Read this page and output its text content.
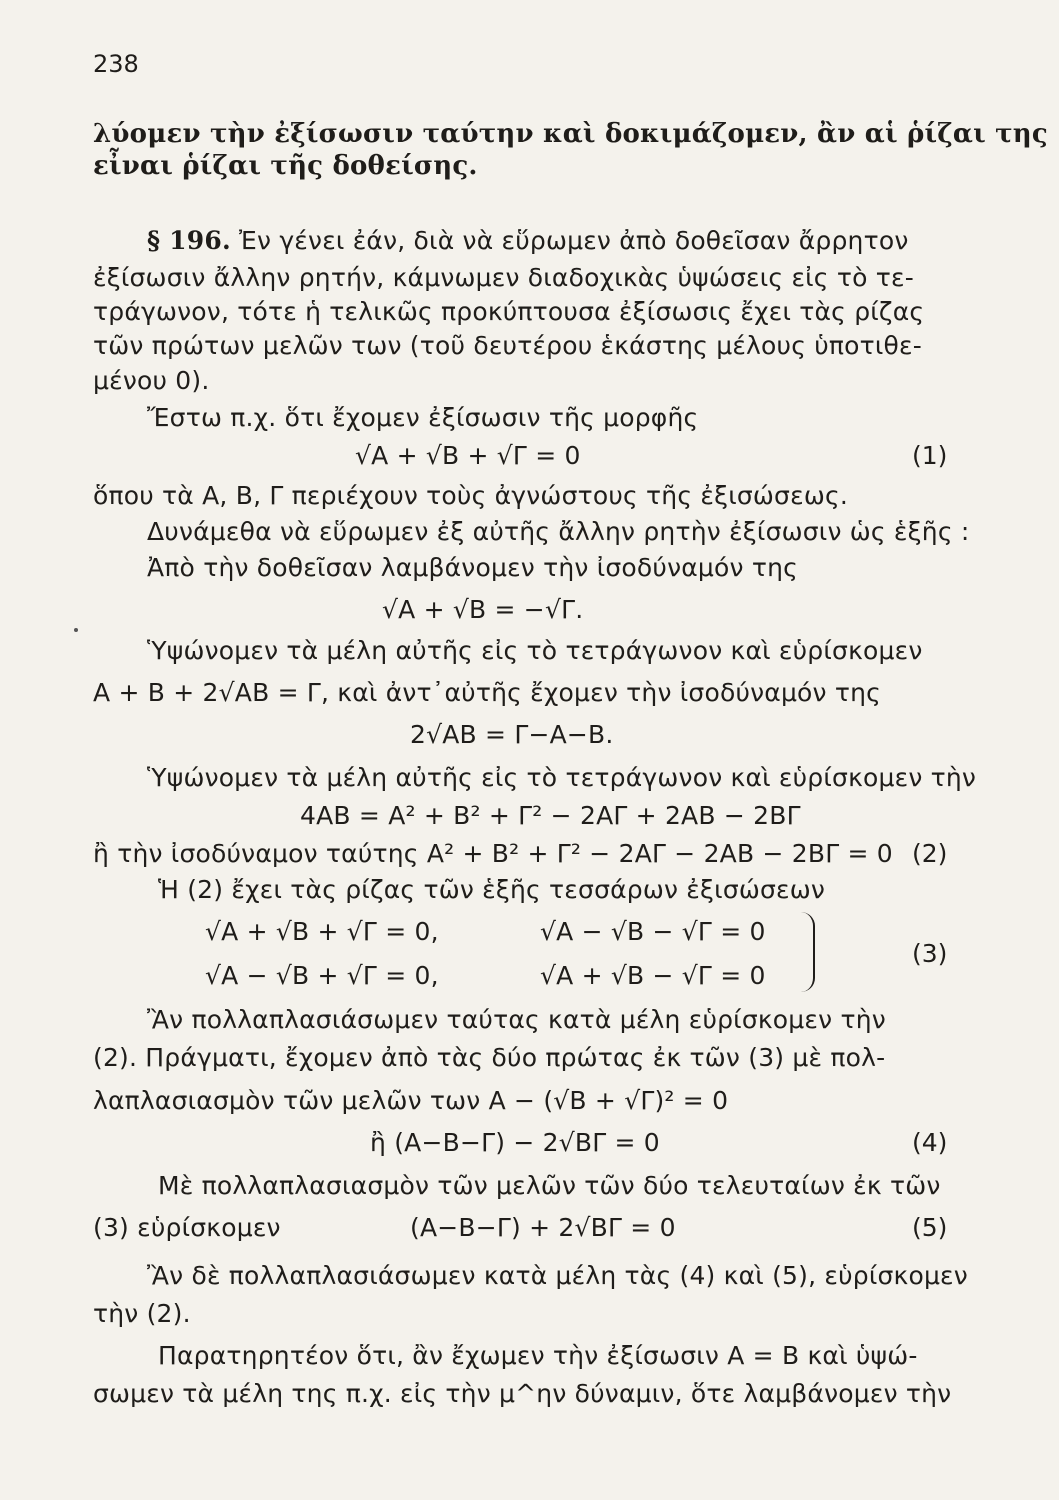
238
λύομεν τὴν ἐξίσωσιν ταύτην καὶ δοκιμάζομεν, ἂν αἱ ῥίζαι της
εἶναι ῥίζαι τῆς δοθείσης.
§ 196. Ἐν γένει ἐάν, διὰ νὰ εὕρωμεν ἀπὸ δοθεῖσαν ἄρρητον
ἐξίσωσιν ἄλλην ρητήν, κάμνωμεν διαδοχικὰς ὑψώσεις εἰς τὸ τε-
τράγωνον, τότε ἡ τελικῶς προκύπτουσα ἐξίσωσις ἔχει τὰς ρίζας
τῶν πρώτων μελῶν των (τοῦ δευτέρου ἑκάστης μέλους ὑποτιθε-
μένου 0).
Ἔστω π.χ. ὅτι ἔχομεν ἐξίσωσιν τῆς μορφῆς
√Α + √Β + √Γ = 0	(1)
ὅπου τὰ Α, Β, Γ περιέχουν τοὺς ἀγνώστους τῆς ἐξισώσεως.
Δυνάμεθα νὰ εὕρωμεν ἐξ αὐτῆς ἄλλην ρητὴν ἐξίσωσιν ὡς ἑξῆς :
Ἀπὸ τὴν δοθεῖσαν λαμβάνομεν τὴν ἰσοδύναμόν της
√Α + √Β = −√Γ.
Ὑψώνομεν τὰ μέλη αὐτῆς εἰς τὸ τετράγωνον καὶ εὑρίσκομεν
Α + Β + 2√ΑΒ = Γ, καὶ ἀντ᾽αὐτῆς ἔχομεν τὴν ἰσοδύναμόν της
2√ΑΒ = Γ−Α−Β.
Ὑψώνομεν τὰ μέλη αὐτῆς εἰς τὸ τετράγωνον καὶ εὑρίσκομεν τὴν
4ΑΒ = Α² + Β² + Γ² − 2ΑΓ + 2ΑΒ − 2ΒΓ
ἢ τὴν ἰσοδύναμον ταύτης Α² + Β² + Γ² − 2ΑΓ − 2ΑΒ − 2ΒΓ = 0 (2)
Ἡ (2) ἔχει τὰς ρίζας τῶν ἑξῆς τεσσάρων ἐξισώσεων
√Α + √Β + √Γ = 0,	√Α − √Β − √Γ = 0
√Α − √Β + √Γ = 0,	√Α + √Β − √Γ = 0
(3)
Ἂν πολλαπλασιάσωμεν ταύτας κατὰ μέλη εὑρίσκομεν τὴν
(2). Πράγματι, ἔχομεν ἀπὸ τὰς δύο πρώτας ἐκ τῶν (3) μὲ πολ-
λαπλασιασμὸν τῶν μελῶν των Α − (√Β + √Γ)² = 0
ἢ (Α−Β−Γ) − 2√ΒΓ = 0	(4)
Μὲ πολλαπλασιασμὸν τῶν μελῶν τῶν δύο τελευταίων ἐκ τῶν
(3) εὑρίσκομεν	(Α−Β−Γ) + 2√ΒΓ = 0	(5)
Ἂν δὲ πολλαπλασιάσωμεν κατὰ μέλη τὰς (4) καὶ (5), εὑρίσκομεν
τὴν (2).
Παρατηρητέον ὅτι, ἂν ἔχωμεν τὴν ἐξίσωσιν Α = Β καὶ ὑψώ-
σωμεν τὰ μέλη της π.χ. εἰς τὴν μ^ην δύναμιν, ὅτε λαμβάνομεν τὴν
